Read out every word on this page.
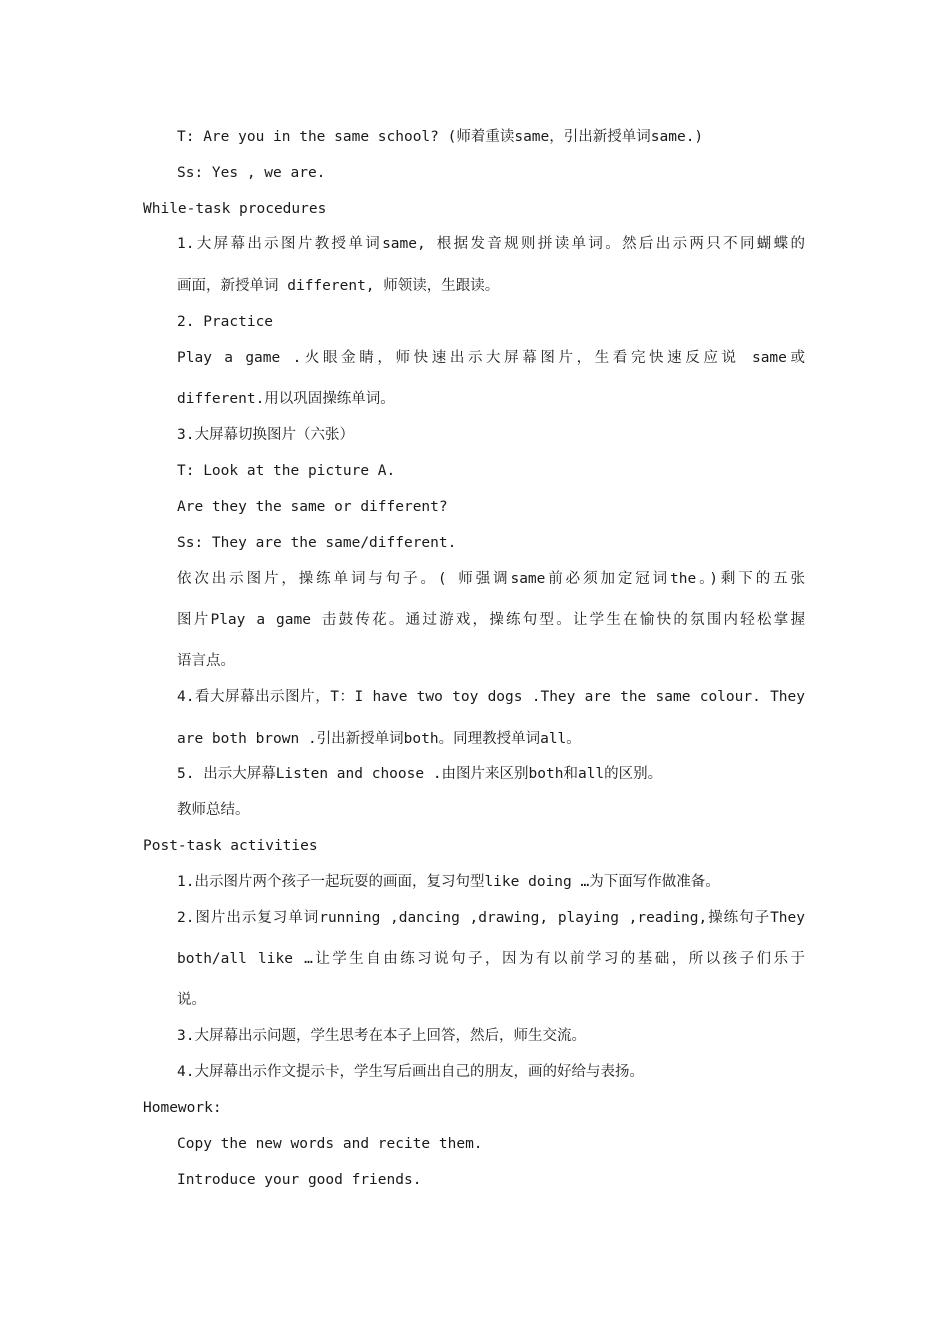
T: Are you in the same school? (师着重读same，引出新授单词same.)
Ss: Yes , we are.
While-task procedures
1.大屏幕出示图片教授单词same, 根据发音规则拼读单词。然后出示两只不同蝴蝶的
画面，新授单词 different, 师领读，生跟读。
2. Practice
Play a game .火眼金睛，师快速出示大屏幕图片，生看完快速反应说 same或
different.用以巩固操练单词。
3.大屏幕切换图片（六张）
T: Look at the picture A.
Are they the same or different?
Ss: They are the same/different.
依次出示图片，操练单词与句子。( 师强调same前必须加定冠词the。)剩下的五张
图片Play a game 击鼓传花。通过游戏，操练句型。让学生在愉快的氛围内轻松掌握
语言点。
4.看大屏幕出示图片，T：I have two toy dogs .They are the same colour. They
are both brown .引出新授单词both。同理教授单词all。
5. 出示大屏幕Listen and choose .由图片来区别both和all的区别。
教师总结。
Post-task activities
1.出示图片两个孩子一起玩耍的画面，复习句型like doing …为下面写作做准备。
2.图片出示复习单词running ,dancing ,drawing, playing ,reading,操练句子They
both/all like …让学生自由练习说句子，因为有以前学习的基础，所以孩子们乐于
说。
3.大屏幕出示问题，学生思考在本子上回答，然后，师生交流。
4.大屏幕出示作文提示卡，学生写后画出自己的朋友，画的好给与表扬。
Homework:
Copy the new words and recite them.
Introduce your good friends.
